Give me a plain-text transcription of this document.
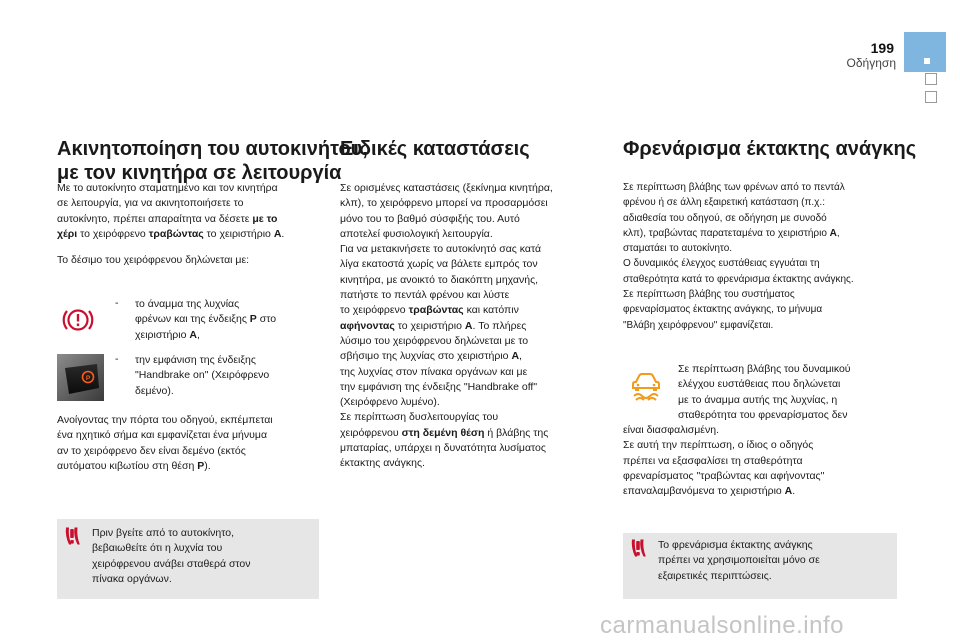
199
Οδήγηση
Ακινητοποίηση του αυτοκινήτου,
με τον κινητήρα σε λειτουργία

Με το αυτοκίνητο σταματημένο και τον κινητήρα

σε λειτουργία, για να ακινητοποιήσετε το

αυτοκίνητο, πρέπει απαραίτητα να δέσετε με το

χέρι το χειρόφρενο τραβώντας το χειριστήριο A.

Το δέσιμο του χειρόφρενου δηλώνεται με:
- το άναμμα της λυχνίας

φρένων και της ένδειξης P στο

χειριστήριο A,

P
- την εμφάνιση της ένδειξης

"Handbrake on" (Χειρόφρενο

δεμένο).

Ανοίγοντας την πόρτα του οδηγού, εκπέμπεται

ένα ηχητικό σήμα και εμφανίζεται ένα μήνυμα

αν το χειρόφρενο δεν είναι δεμένο (εκτός

αυτόματου κιβωτίου στη θέση P).

Πριν βγείτε από το αυτοκίνητο,

βεβαιωθείτε ότι η λυχνία του

χειρόφρενου ανάβει σταθερά στον

πίνακα οργάνων.

Ειδικές καταστάσεις

Σε ορισμένες καταστάσεις (ξεκίνημα κινητήρα,

κλπ), το χειρόφρενο μπορεί να προσαρμόσει

μόνο του το βαθμό σύσφιξής του. Αυτό

αποτελεί φυσιολογική λειτουργία.

Για να μετακινήσετε το αυτοκίνητό σας κατά

λίγα εκατοστά χωρίς να βάλετε εμπρός τον

κινητήρα, με ανοικτό το διακόπτη μηχανής,

πατήστε το πεντάλ φρένου και λύστε

το χειρόφρενο τραβώντας και κατόπιν

αφήνοντας το χειριστήριο A. Το πλήρες

λύσιμο του χειρόφρενου δηλώνεται με το

σβήσιμο της λυχνίας στο χειριστήριο A,

της λυχνίας στον πίνακα οργάνων και με

την εμφάνιση της ένδειξης "Handbrake off"

(Χειρόφρενο λυμένο).

Σε περίπτωση δυσλειτουργίας του

χειρόφρενου στη δεμένη θέση ή βλάβης της

μπαταρίας, υπάρχει η δυνατότητα λυσίματος

έκτακτης ανάγκης.

Φρενάρισμα έκτακτης ανάγκης

Σε περίπτωση βλάβης των φρένων από το πεντάλ

φρένου ή σε άλλη εξαιρετική κατάσταση (π.χ.:

αδιαθεσία του οδηγού, σε οδήγηση με συνοδό

κλπ), τραβώντας παρατεταμένα το χειριστήριο A,

σταματάει το αυτοκίνητο.

Ο δυναμικός έλεγχος ευστάθειας εγγυάται τη

σταθερότητα κατά το φρενάρισμα έκτακτης ανάγκης.

Σε περίπτωση βλάβης του συστήματος

φρεναρίσματος έκτακτης ανάγκης, το μήνυμα

"Βλάβη χειρόφρενου" εμφανίζεται.

Σε περίπτωση βλάβης του δυναμικού

ελέγχου ευστάθειας που δηλώνεται

με το άναμμα αυτής της λυχνίας, η

σταθερότητα του φρεναρίσματος δεν

είναι διασφαλισμένη.

Σε αυτή την περίπτωση, ο ίδιος ο οδηγός

πρέπει να εξασφαλίσει τη σταθερότητα

φρεναρίσματος "τραβώντας και αφήνοντας"

επαναλαμβανόμενα το χειριστήριο A.

Το φρενάρισμα έκτακτης ανάγκης

πρέπει να χρησιμοποιείται μόνο σε

εξαιρετικές περιπτώσεις.

carmanualsonline.info
